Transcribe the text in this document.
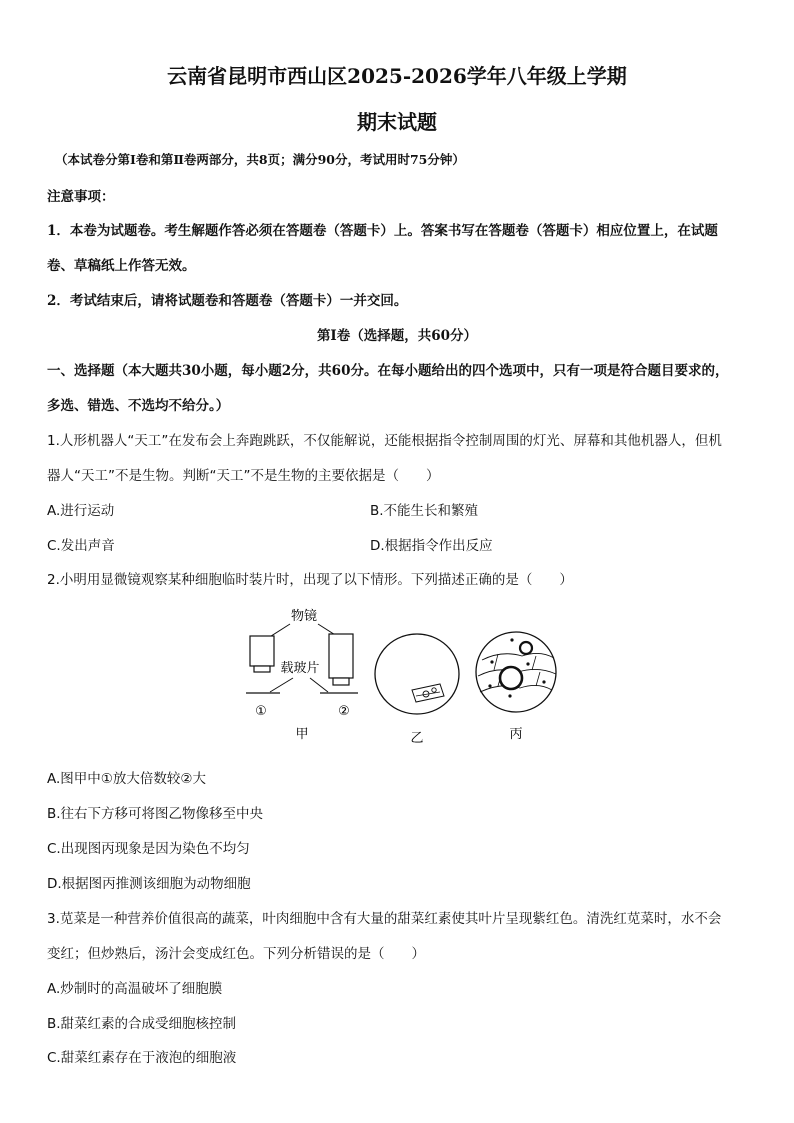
云南省昆明市西山区2025-2026学年八年级上学期
期末试题
（本试卷分第Ⅰ卷和第Ⅱ卷两部分，共8页；满分90分，考试用时75分钟）
注意事项：
1．本卷为试题卷。考生解题作答必须在答题卷（答题卡）上。答案书写在答题卷（答题卡）相应位置上，在试题
卷、草稿纸上作答无效。
2．考试结束后，请将试题卷和答题卷（答题卡）一并交回。
第Ⅰ卷（选择题，共60分）
一、选择题（本大题共30小题，每小题2分，共60分。在每小题给出的四个选项中，只有一项是符合题目要求的，
多选、错选、不选均不给分。）
1.人形机器人“天工”在发布会上奔跑跳跃，不仅能解说，还能根据指令控制周围的灯光、屏幕和其他机器人，但机
器人“天工”不是生物。判断“天工”不是生物的主要依据是（　　）
A.进行运动	B.不能生长和繁殖
C.发出声音	D.根据指令作出反应
2.小明用显微镜观察某种细胞临时装片时，出现了以下情形。下列描述正确的是（　　）
物镜
载玻片
①	②
甲	乙	丙
A.图甲中①放大倍数较②大
B.往右下方移可将图乙物像移至中央
C.出现图丙现象是因为染色不均匀
D.根据图丙推测该细胞为动物细胞
3.苋菜是一种营养价值很高的蔬菜，叶肉细胞中含有大量的甜菜红素使其叶片呈现紫红色。清洗红苋菜时，水不会
变红；但炒熟后，汤汁会变成红色。下列分析错误的是（　　）
A.炒制时的高温破坏了细胞膜
B.甜菜红素的合成受细胞核控制
C.甜菜红素存在于液泡的细胞液
